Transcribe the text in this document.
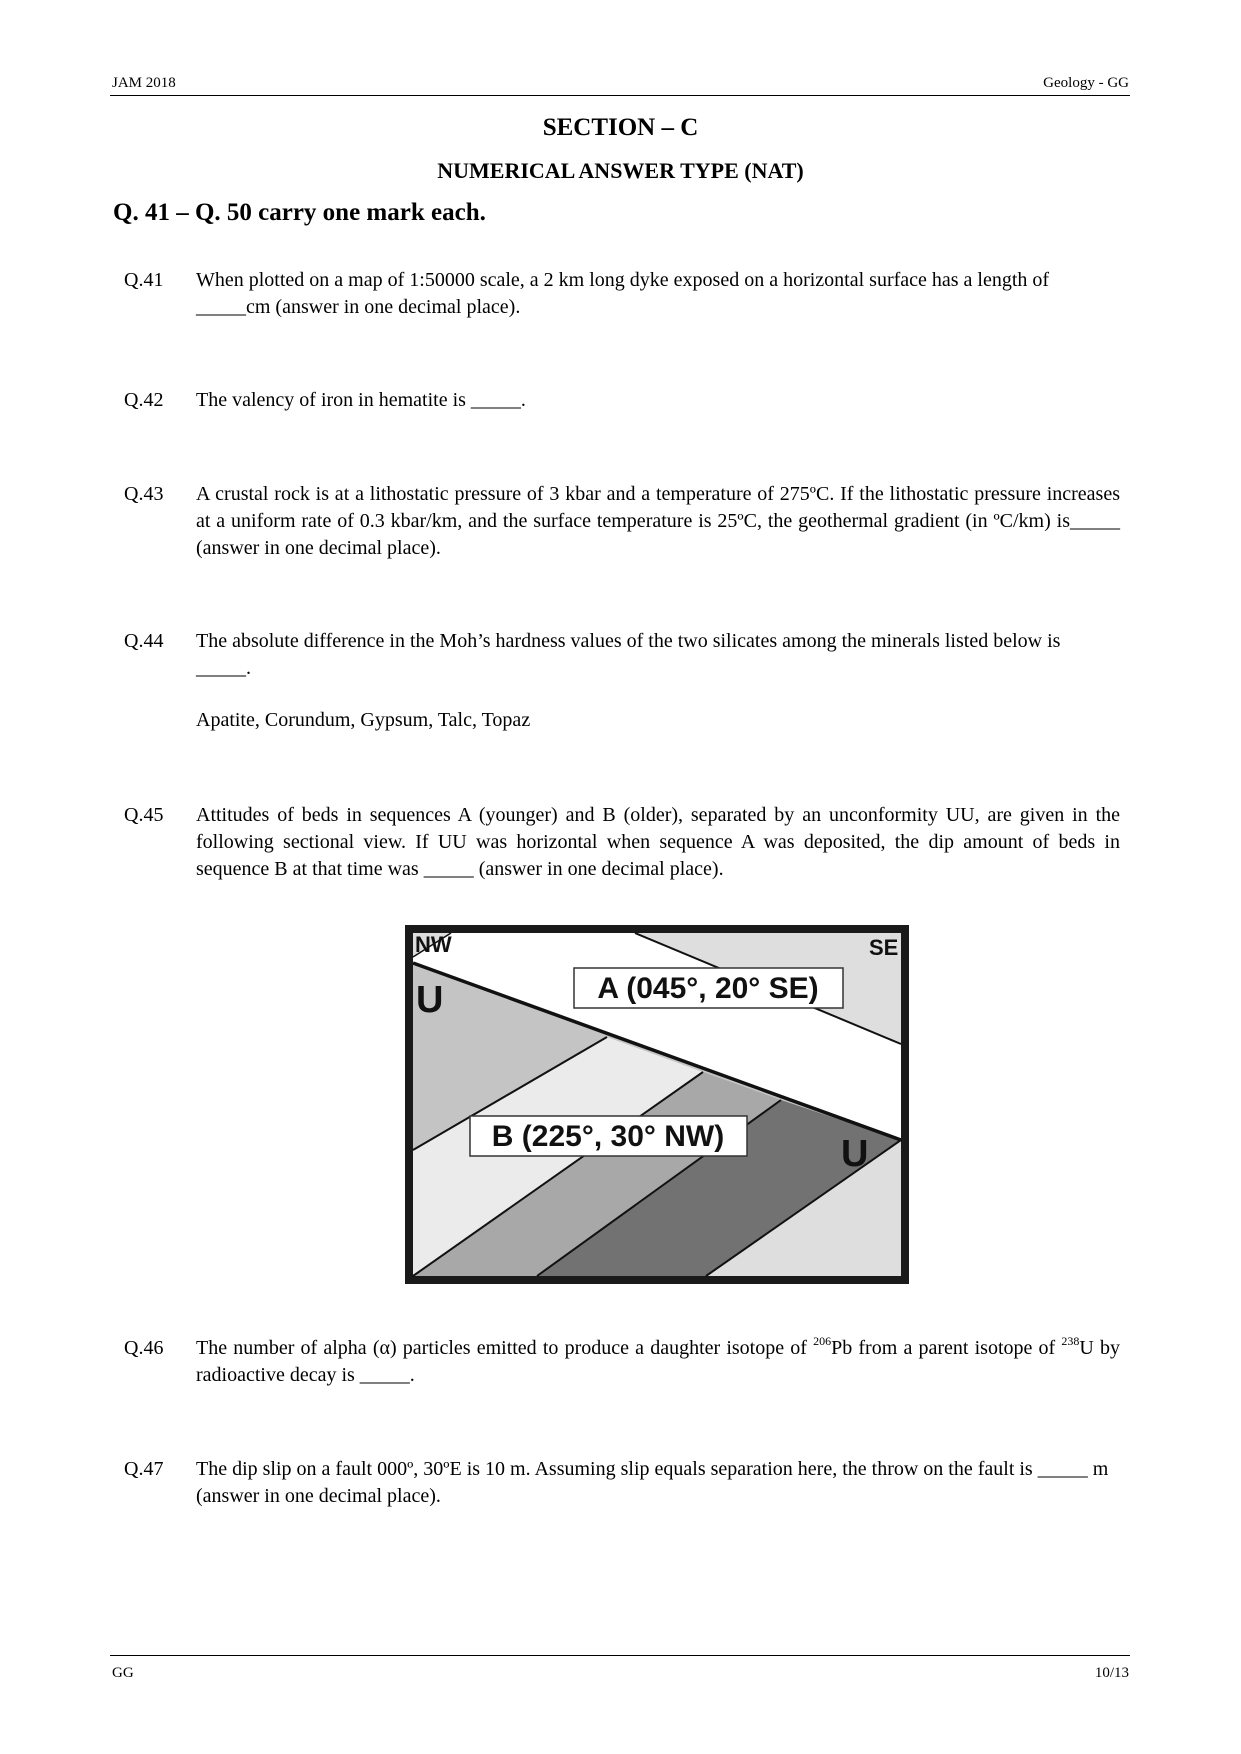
JAM 2018	Geology - GG
SECTION – C
NUMERICAL ANSWER TYPE (NAT)
Q. 41 – Q. 50 carry one mark each.
Q.41 When plotted on a map of 1:50000 scale, a 2 km long dyke exposed on a horizontal surface has a length of _____cm (answer in one decimal place).
Q.42 The valency of iron in hematite is _____.
Q.43 A crustal rock is at a lithostatic pressure of 3 kbar and a temperature of 275ºC. If the lithostatic pressure increases at a uniform rate of 0.3 kbar/km, and the surface temperature is 25ºC, the geothermal gradient (in ºC/km) is_____ (answer in one decimal place).
Q.44 The absolute difference in the Moh’s hardness values of the two silicates among the minerals listed below is _____.
Apatite, Corundum, Gypsum, Talc, Topaz
Q.45 Attitudes of beds in sequences A (younger) and B (older), separated by an unconformity UU, are given in the following sectional view. If UU was horizontal when sequence A was deposited, the dip amount of beds in sequence B at that time was _____ (answer in one decimal place).
NW	SE
U
U
A (045°, 20° SE)
B (225°, 30° NW)
Q.46 The number of alpha (α) particles emitted to produce a daughter isotope of $^{206}$Pb from a parent isotope of $^{238}$U by radioactive decay is _____.
Q.47 The dip slip on a fault 000º, 30ºE is 10 m. Assuming slip equals separation here, the throw on the fault is _____ m (answer in one decimal place).
GG	10/13
